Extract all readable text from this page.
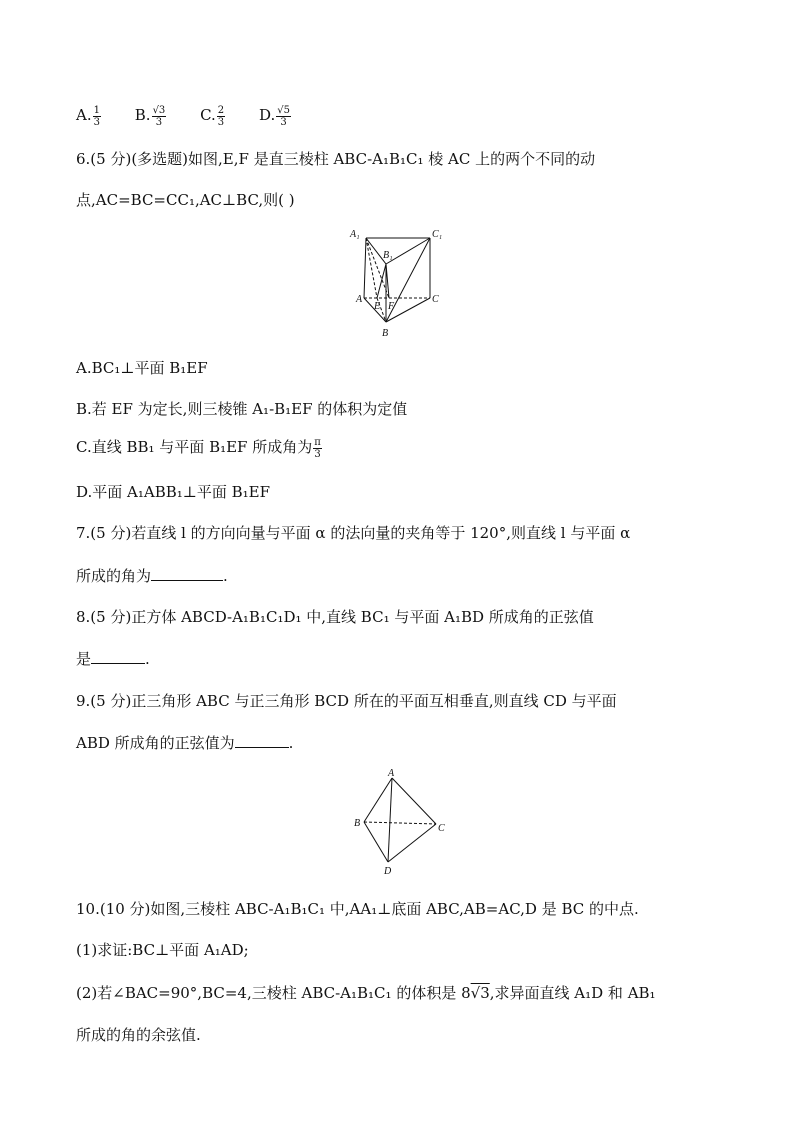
A. $\frac{1}{3} B$. $\frac{√3}{3} C$. $\frac{2}{3} D$. $\frac{√5}{3}$
6.(5 分)(多选题)如图,E,F 是直三棱柱 ABC-A₁B₁C₁ 棱 AC 上的两个不同的动
点,AC=BC=CC₁,AC⊥BC,则( )
A₁
B₁
C₁
A
E F
C
B
A.BC₁⊥平面 B₁EF
B.若 EF 为定长,则三棱锥 A₁-B₁EF 的体积为定值
C.直线 BB₁ 与平面 B₁EF 所成角为 $\frac{\pi}{3}$
D.平面 A₁ABB₁⊥平面 B₁EF
7.(5 分)若直线 l 的方向向量与平面 α 的法向量的夹角等于 120°,则直线 l 与平面 α
所成的角为	.
8.(5 分)正方体 ABCD-A₁B₁C₁D₁ 中,直线 BC₁ 与平面 A₁BD 所成角的正弦值
是	.
9.(5 分)正三角形 ABC 与正三角形 BCD 所在的平面互相垂直,则直线 CD 与平面
ABD 所成角的正弦值为	.
A
B	C
D
10.(10 分)如图,三棱柱 ABC-A₁B₁C₁ 中,AA₁⊥底面 ABC,AB=AC,D 是 BC 的中点.
(1)求证:BC⊥平面 A₁AD;
(2)若∠BAC=90°,BC=4,三棱柱 ABC-A₁B₁C₁ 的体积是 8√3,求异面直线 A₁D 和 AB₁
所成的角的余弦值.
